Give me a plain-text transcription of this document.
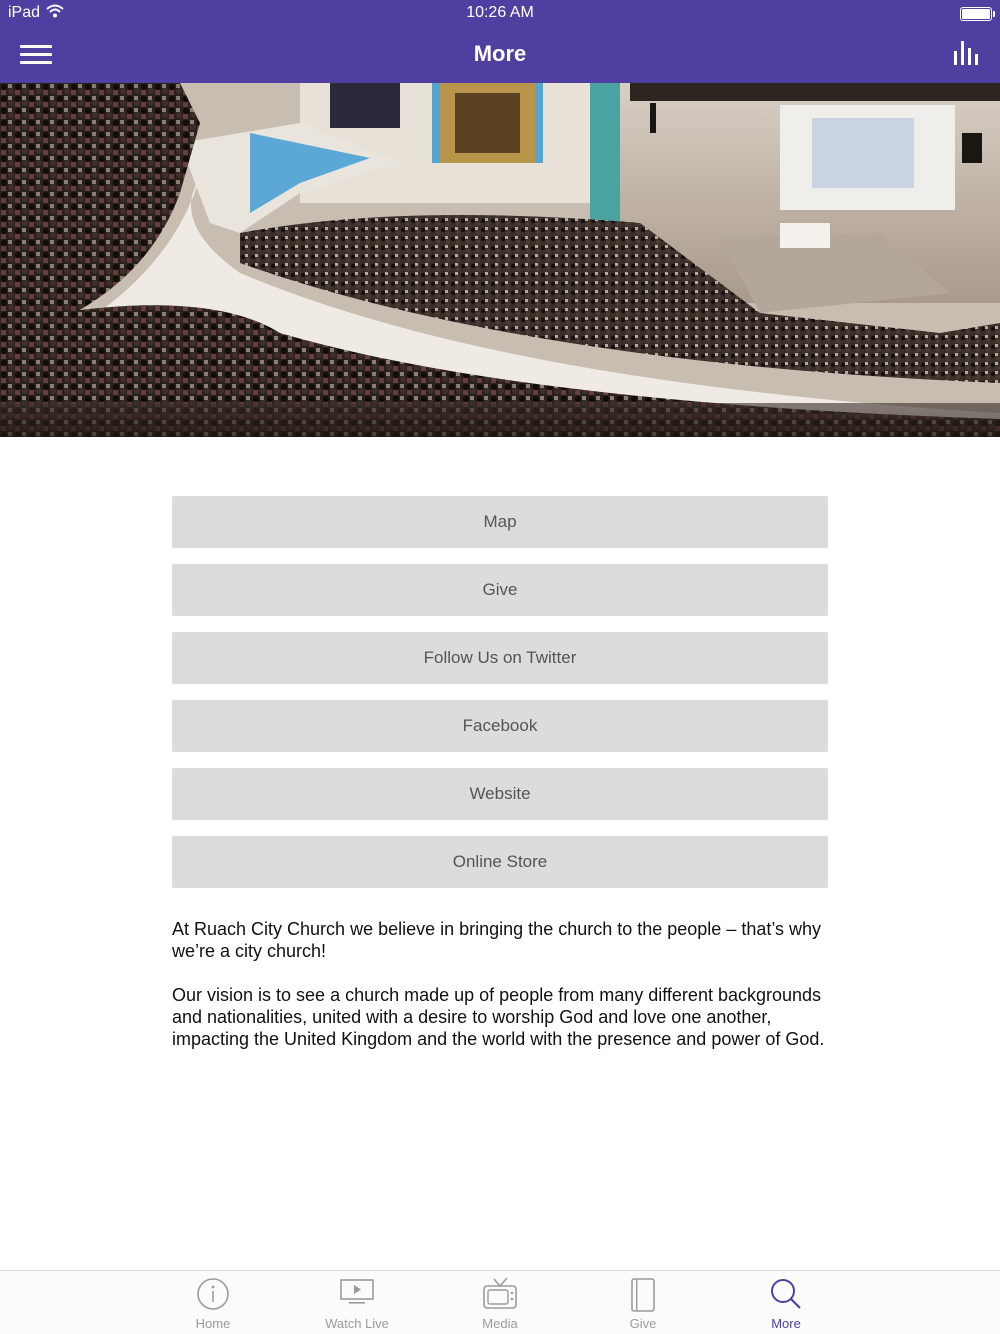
iPad	10:26 AM
More
Map
Give
Follow Us on Twitter
Facebook
Website
Online Store

At Ruach City Church we believe in bringing the church to the people – that’s why we’re a city church!

Our vision is to see a church made up of people from many different backgrounds and nationalities, united with a desire to worship God and love one another, impacting the United Kingdom and the world with the presence and power of God.

Home	Watch Live	Media	Give	More
